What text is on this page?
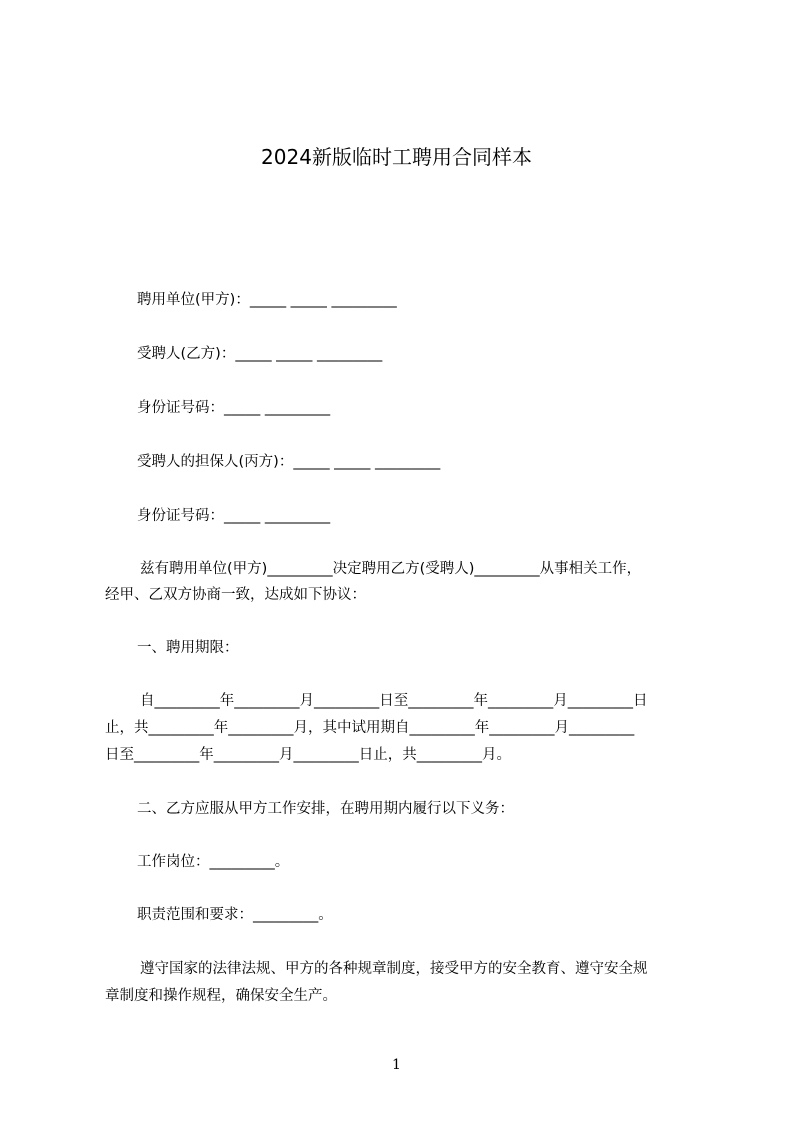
2024新版临时工聘用合同样本
聘用单位(甲方)：_____ _____ _________
受聘人(乙方)：_____ _____ _________
身份证号码：_____ _________
受聘人的担保人(丙方)：_____ _____ _________
身份证号码：_____ _________
兹有聘用单位(甲方)_________决定聘用乙方(受聘人)_________从事相关工作，
经甲、乙双方协商一致，达成如下协议：
一、聘用期限：
自_________年_________月_________日至_________年_________月_________日
止，共_________年_________月，其中试用期自_________年_________月_________
日至_________年_________月_________日止，共_________月。
二、乙方应服从甲方工作安排，在聘用期内履行以下义务：
工作岗位：_________。
职责范围和要求：_________。
遵守国家的法律法规、甲方的各种规章制度，接受甲方的安全教育、遵守安全规
章制度和操作规程，确保安全生产。
1
